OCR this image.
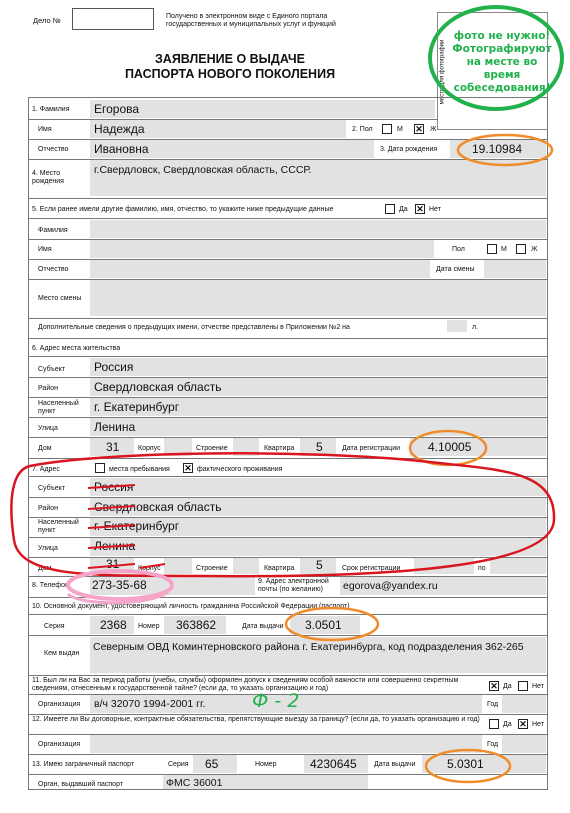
Дело №	Получено в электронном виде с Единого портала государственных и муниципальных услуг и функций
ЗАЯВЛЕНИЕ О ВЫДАЧЕ
ПАСПОРТА НОВОГО ПОКОЛЕНИЯ	место для фотографии
1. Фамилия Егорова
Имя	Надежда	2. Пол	М ✕ Ж
Отчество Ивановна	3. Дата рождения	19.10984
4. Место рождения
г.Свердловск, Свердловская область, СССР.
5. Если ранее имели другие фамилию, имя, отчество, то укажите ниже предыдущие данные	Да ✕ Нет
Фамилия
Имя	Пол	М	Ж
Отчество	Дата смены
Место смены
Дополнительные сведения о предыдущих имени, отчестве представлены в Приложении №2 на	л.
6. Адрес места жительства
Субъект Россия
Район	Свердловская область
Населенный пункт	г. Екатеринбург
Улица	Ленина
Дом	31	Корпус	Строение	Квартира 5	Дата регистрации 4.10005
7. Адрес	места пребывания ✕ фактического проживания
Субъект Россия
Район	Свердловская область
Населенный пункт	г. Екатеринбург
Улица	Ленина
Дом	31	Корпус	Строение	Квартира 5	Срок регистрации	по
8. Телефон 273-35-68	9. Адрес электронной почты (по желанию)	egorova@yandex.ru
10. Основной документ, удостоверяющий личность гражданина Российской Федерации (паспорт)
Серия	2368 Номер 363862	Дата выдачи 3.0501
Кем выдан
Северным ОВД Коминтерновского района г. Екатеринбурга, код подразделения 362-265
11. Был ли на Вас за период работы (учебы, службы) оформлен допуск к сведениям особой важности или совершенно секретным сведениям, отнесенным к государственной тайне? (если да, то указать организацию и год)	✕ Да	Нет
Организация в/ч 32070 1994-2001 гг.	Год
12. Имеете ли Вы договорные, контрактные обязательства, препятствующие выезду за границу? (если да, то указать организацию и год)
Да ✕ Нет
Организация	Год
13. Имею заграничный паспорт	Серия 65	Номер	4230645 Дата выдачи	5.0301
Орган, выдавший паспорт	ФМС 36001
фото не нужно! Фотографируют на месте во время собеседования!
Ф - 2
